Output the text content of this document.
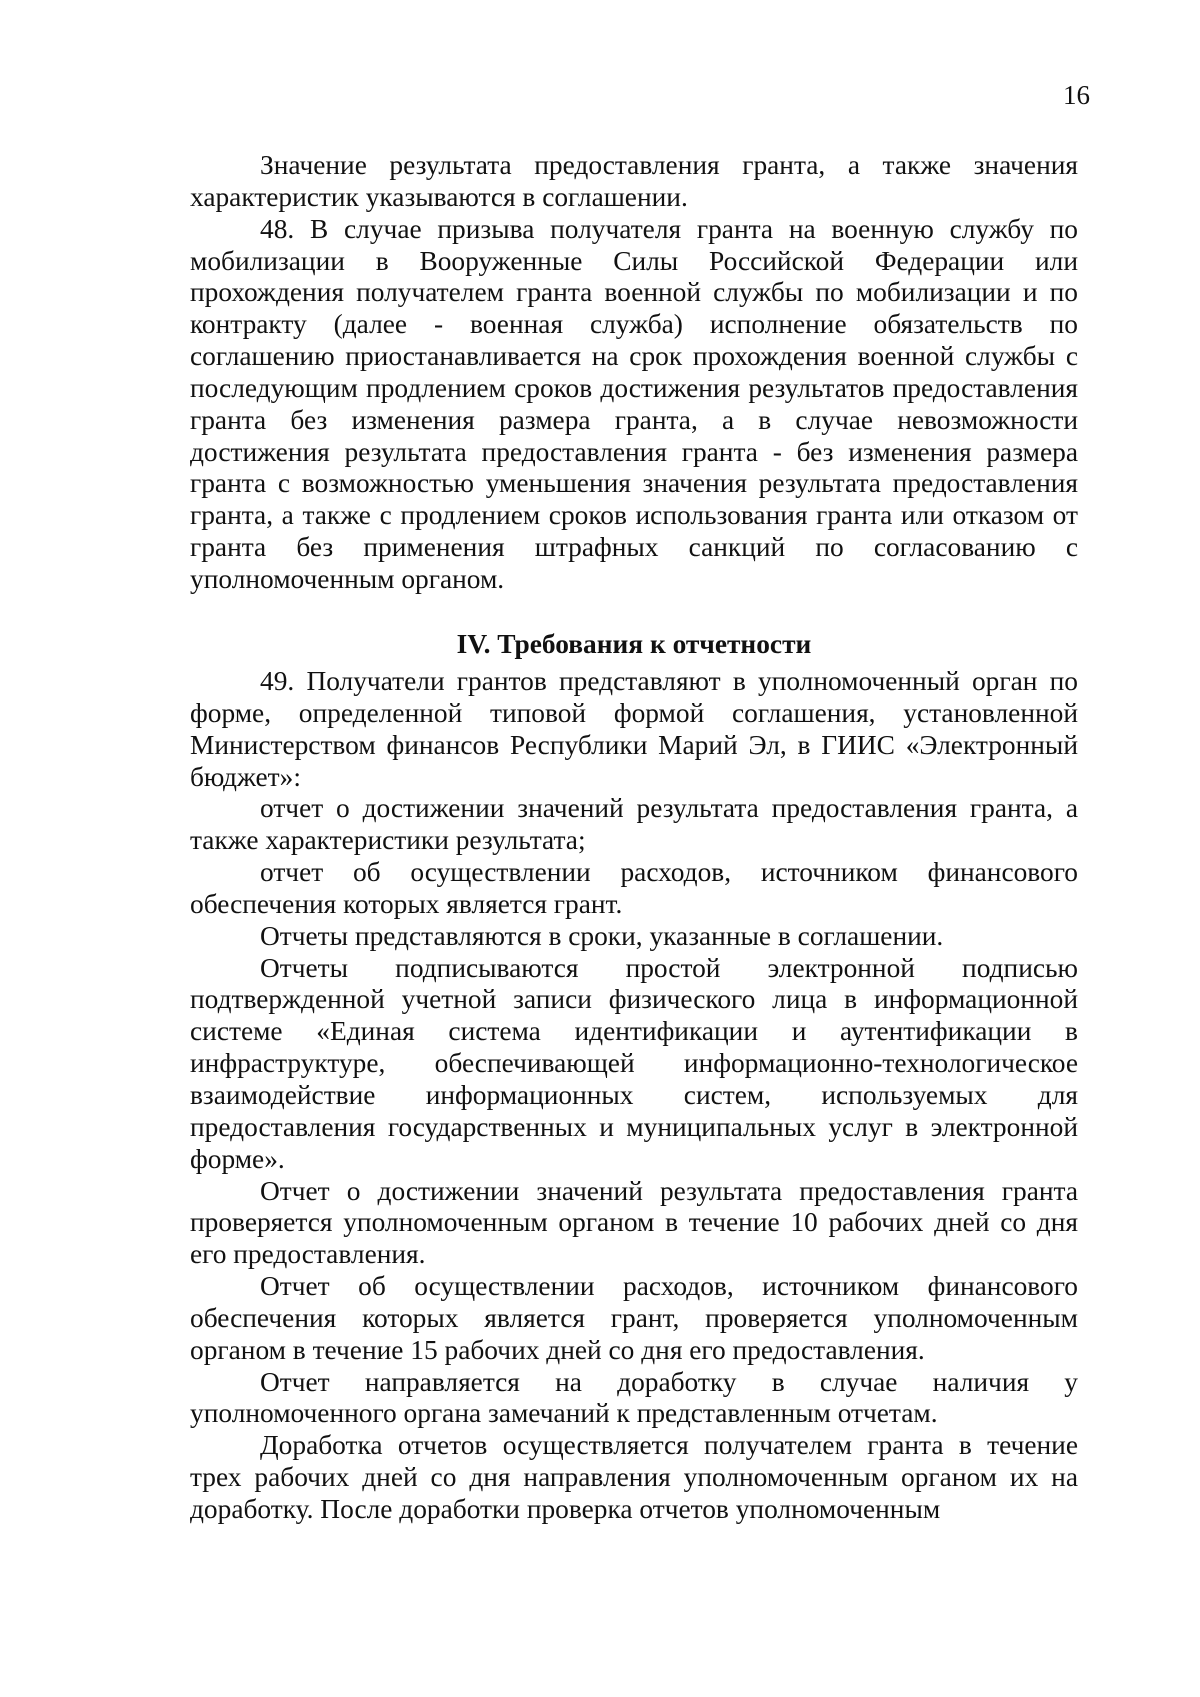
16

Значение результата предоставления гранта, а также значения характеристик указываются в соглашении.

48. В случае призыва получателя гранта на военную службу по мобилизации в Вооруженные Силы Российской Федерации или прохождения получателем гранта военной службы по мобилизации и по контракту (далее - военная служба) исполнение обязательств по соглашению приостанавливается на срок прохождения военной службы с последующим продлением сроков достижения результатов предоставления гранта без изменения размера гранта, а в случае невозможности достижения результата предоставления гранта - без изменения размера гранта с возможностью уменьшения значения результата предоставления гранта, а также с продлением сроков использования гранта или отказом от гранта без применения штрафных санкций по согласованию с уполномоченным органом.

IV. Требования к отчетности

49. Получатели грантов представляют в уполномоченный орган по форме, определенной типовой формой соглашения, установленной Министерством финансов Республики Марий Эл, в ГИИС «Электронный бюджет»:

отчет о достижении значений результата предоставления гранта, а также характеристики результата;

отчет об осуществлении расходов, источником финансового обеспечения которых является грант.

Отчеты представляются в сроки, указанные в соглашении.

Отчеты подписываются простой электронной подписью подтвержденной учетной записи физического лица в информационной системе «Единая система идентификации и аутентификации в инфраструктуре, обеспечивающей информационно-технологическое взаимодействие информационных систем, используемых для предоставления государственных и муниципальных услуг в электронной форме».

Отчет о достижении значений результата предоставления гранта проверяется уполномоченным органом в течение 10 рабочих дней со дня его предоставления.

Отчет об осуществлении расходов, источником финансового обеспечения которых является грант, проверяется уполномоченным органом в течение 15 рабочих дней со дня его предоставления.

Отчет направляется на доработку в случае наличия у уполномоченного органа замечаний к представленным отчетам.

Доработка отчетов осуществляется получателем гранта в течение трех рабочих дней со дня направления уполномоченным органом их на доработку. После доработки проверка отчетов уполномоченным
